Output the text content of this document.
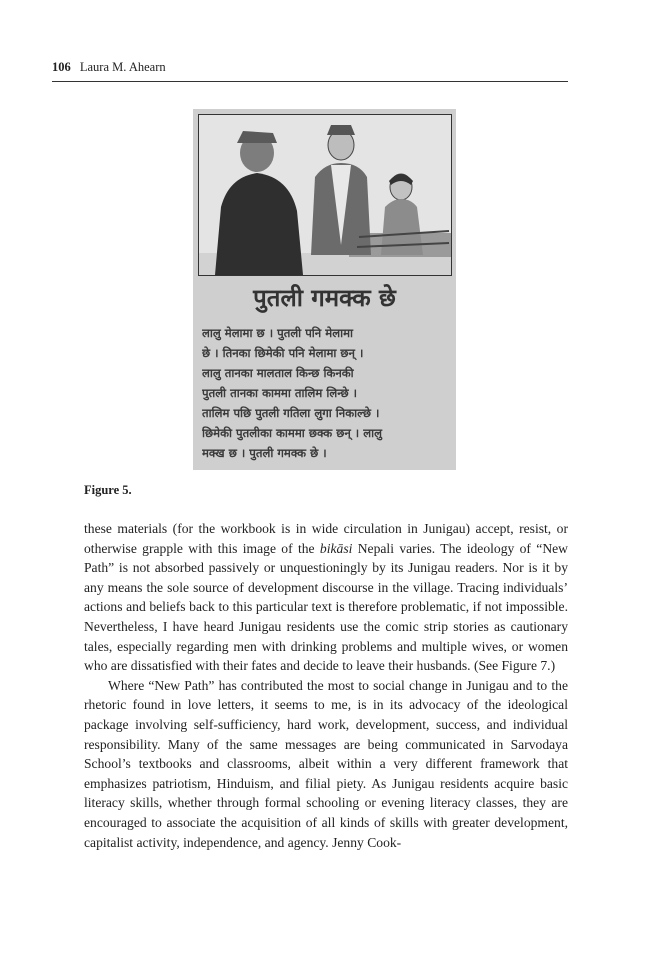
106 Laura M. Ahearn
पुतली गमक्क छे
लालु मेलामा छ । पुतली पनि मेलामा
छे । तिनका छिमेकी पनि मेलामा छन् ।
लालु तानका मालताल किन्छ किनकी
पुतली तानका काममा तालिम लिन्छे ।
तालिम पछि पुतली गतिला लुगा निकाल्छे ।
छिमेकी पुतलीका काममा छक्क छन् । लालु
मक्ख छ । पुतली गमक्क छे ।
Figure 5.

these materials (for the workbook is in wide circulation in Junigau) accept, resist, or otherwise grapple with this image of the bikāsi Nepali varies. The ideology of “New Path” is not absorbed passively or unquestioningly by its Junigau readers. Nor is it by any means the sole source of development discourse in the village. Tracing individuals’ actions and beliefs back to this particular text is therefore problematic, if not impossible. Nevertheless, I have heard Junigau residents use the comic strip stories as cautionary tales, especially regarding men with drinking problems and multiple wives, or women who are dissatisfied with their fates and decide to leave their husbands. (See Figure 7.)

Where “New Path” has contributed the most to social change in Junigau and to the rhetoric found in love letters, it seems to me, is in its advocacy of the ideological package involving self-sufficiency, hard work, development, success, and individual responsibility. Many of the same messages are being communicated in Sarvodaya School’s textbooks and classrooms, albeit within a very different framework that emphasizes patriotism, Hinduism, and filial piety. As Junigau residents acquire basic literacy skills, whether through formal schooling or evening literacy classes, they are encouraged to associate the acquisition of all kinds of skills with greater development, capitalist activity, independence, and agency. Jenny Cook-
